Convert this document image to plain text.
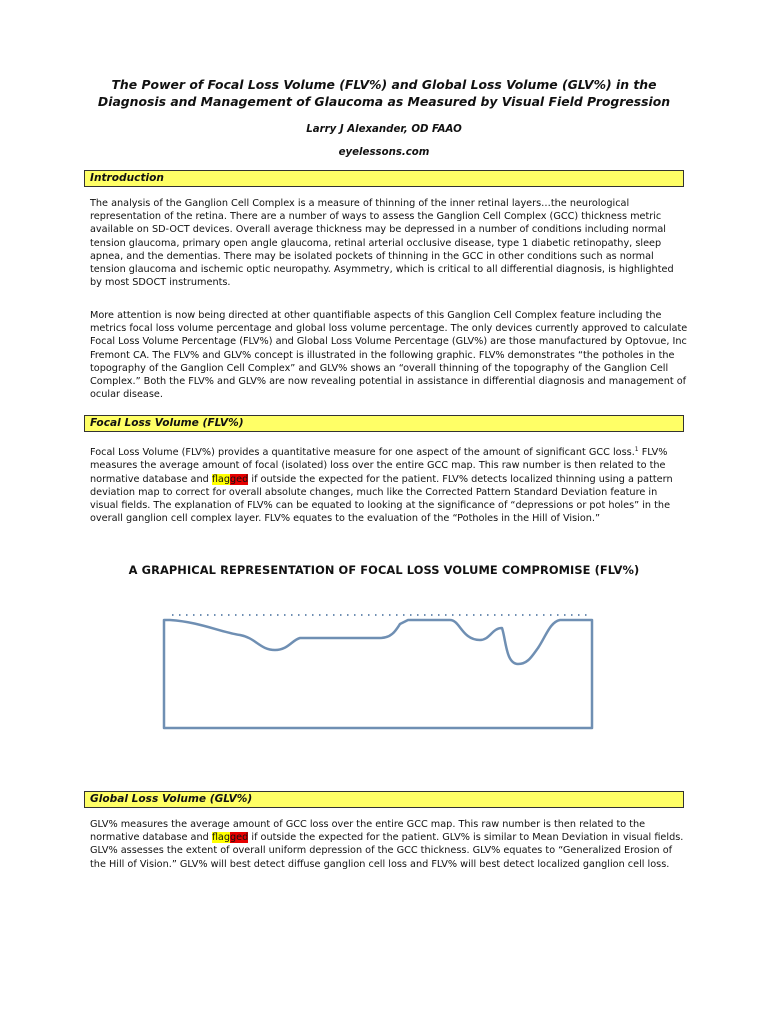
The Power of Focal Loss Volume (FLV%) and Global Loss Volume (GLV%) in the
Diagnosis and Management of Glaucoma as Measured by Visual Field Progression
Larry J Alexander, OD FAAO
eyelessons.com
Introduction

The analysis of the Ganglion Cell Complex is a measure of thinning of the inner retinal layers…the neurological representation of the retina. There are a number of ways to assess the Ganglion Cell Complex (GCC) thickness metric available on SD-OCT devices. Overall average thickness may be depressed in a number of conditions including normal tension glaucoma, primary open angle glaucoma, retinal arterial occlusive disease, type 1 diabetic retinopathy, sleep apnea, and the dementias. There may be isolated pockets of thinning in the GCC in other conditions such as normal tension glaucoma and ischemic optic neuropathy. Asymmetry, which is critical to all differential diagnosis, is highlighted by most SDOCT instruments.

More attention is now being directed at other quantifiable aspects of this Ganglion Cell Complex feature including the metrics focal loss volume percentage and global loss volume percentage. The only devices currently approved to calculate Focal Loss Volume Percentage (FLV%) and Global Loss Volume Percentage (GLV%) are those manufactured by Optovue, Inc Fremont CA. The FLV% and GLV% concept is illustrated in the following graphic. FLV% demonstrates “the potholes in the topography of the Ganglion Cell Complex” and GLV% shows an “overall thinning of the topography of the Ganglion Cell Complex.” Both the FLV% and GLV% are now revealing potential in assistance in differential diagnosis and management of ocular disease.

Focal Loss Volume (FLV%)

Focal Loss Volume (FLV%) provides a quantitative measure for one aspect of the amount of significant GCC loss.$^1$ FLV% measures the average amount of focal (isolated) loss over the entire GCC map. This raw number is then related to the normative database and flagged if outside the expected for the patient. FLV% detects localized thinning using a pattern deviation map to correct for overall absolute changes, much like the Corrected Pattern Standard Deviation feature in visual fields. The explanation of FLV% can be equated to looking at the significance of “depressions or pot holes” in the overall ganglion cell complex layer. FLV% equates to the evaluation of the “Potholes in the Hill of Vision.”

A GRAPHICAL REPRESENTATION OF FOCAL LOSS VOLUME COMPROMISE (FLV%)
Global Loss Volume (GLV%)

GLV% measures the average amount of GCC loss over the entire GCC map. This raw number is then related to the normative database and flagged if outside the expected for the patient. GLV% is similar to Mean Deviation in visual fields. GLV% assesses the extent of overall uniform depression of the GCC thickness. GLV% equates to “Generalized Erosion of the Hill of Vision.” GLV% will best detect diffuse ganglion cell loss and FLV% will best detect localized ganglion cell loss.
